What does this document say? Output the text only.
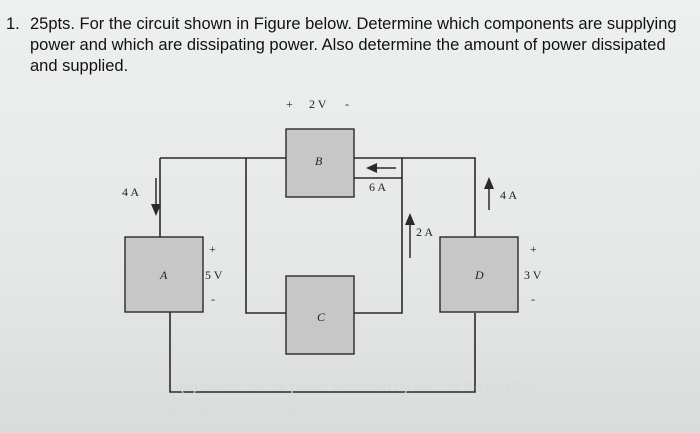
1. 25pts. For the circuit shown in Figure below. Determine which components are supplying power and which are dissipating power. Also determine the amount of power dissipated and supplied.
B
A
C
D
+ 2 V -
+
5 V
-
+
3 V
-
4 A	6 A
2 A
4 A
(a) determine the power absorbed by each of the and the
(b) absorbed by the current source
